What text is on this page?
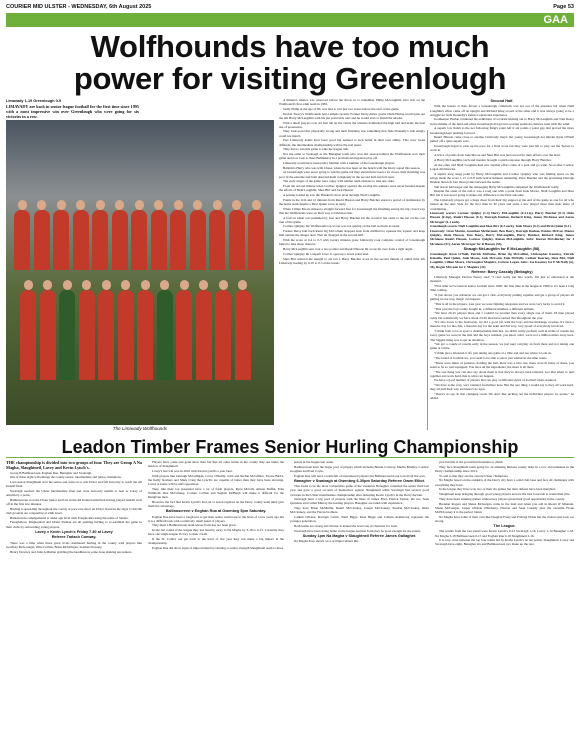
COURIER MID ULSTER - WEDNESDAY, 6th August 2025	Page 53
GAA
Wolfhounds have too much
power for visiting Greenlough

Limavady 1-19 Greenlough 0-9

LIMAVADY are back in senior league football for the first time since 1995 with a most impressive win over Greenlough who were going for six victories in a row.

The Limavady Wolfhounds

A minute's silence was observed before the throw in to remember Philip McLaughlin who was on the Wolfhound's first adult team in 1981.

Sadly Philip at the age of 80, was laid to rest just two hours before the start of the game.

Declan Treacy's Wolfhounds had a simple system. Former Derry minor goalie Oisin Harlan would pick out the tall Harry McLaughlin with his pin point kick outs and he would start or finish the attacks.

With a lineal players over six feet tall up the centre the winners dominated the high ball and made the best use of possession.

They look powerful, physically strong and their finishing was something that Jude Donnelly's side simply could not match.

Past Limavady teams have been good but seemed to lack belief in their own ability. This crew looks different, the intermediate championship will be the real tester.

They had to win this game to take the league title.

Not the same at Swatragh as the Banagher team who won last season behind the Wolfhounds won their game and now look to meet Ballinderry in a promotion/relegation play off.

Limavady would have been pretty familiar with a number of the Greenlough players.

Ballerin's Harry who was with Chase, where he has been on the bench with the Derry squad this season.

on Greenlough were never going to win the game but they should have been a lot closer, their finishing was poor in the extreme and both deserted them completely in the second half and fell apart.

The early stages of the game were cagey with neither team anxious to take any risks.

From the second minute when Cormac Quigley opened the scoring the winners were never headed despite the efforts of Niall Loughlin, Shea Birt and Jack Hasson.

A pointer loaded up saw the Plunkett's draw level through Niall Loughlin.

Points in the 11th and 12 minutes from Ruairi Hasson and Harry Butcher started a period of domination by the home team despite a Piral Quinn score in reply.

When Cillian Moore missed a straight forward free for Greenlough the finishing swung the big crowd way that the Wolfhounds were on their way to Division One.

A foul on Oisin was punished by free and Harry Butcher hit the crossbar but came to the net on the cost rule of the game.

Cormac Quigley the Wolfhounds top scorer was not getting on the ball as much as usual.

Former Derry half back Ruari Og McCollum dropped back from midfield to squeeze the 'square' and keep him outside the danger area. That all changed in the second half.

With the score at 0-4 to 0-5 with twenty minutes gone Limavady took complete control of Greenlough failed to take those chances.

Harry McLaughlin sent over a two pointer and Ruairi Hasson hit a tour tin over from a tight angle.

Cormac Quigley hit a superb score to open up a seven point lead.

Shea Birt reduced the margin to six but a Harry Butcher score in the second minute of added time left Limavady leading by 0-10 to 0-5 at the break.

Second Half.

With the breeze at their favour a Greenlough comeback was not out of the question but when Niall Loughlin's effort came off an upright and Richard King scored at the other end it was always going to be a struggle for Jude Donnelly's inferior squad and experience.

Goalkeeper Harlan continued his exhibition of accurate kicking out to Harry McLaughlin and Tom Deery in the middle of the field and when Greenlough did get into scoring positions chances went with the wind.

A superb low finish to the net following King's point left it six points a point gap that proved the more Greenlough kept pushing forward.

Ruairi Hasson came close to another Limavady major but young Greenlough net minder Ryan O'Neill pulled off a quite superb save.

Greenlough began to pick up the pace for a final score but they were just left to play out the 'heroes to work in.

A brace of points from Jude Moore and Shea Birt was just reward for their efforts over the hour.

A Harry McLaughlin catch and transfer brought a quick response through Harry Butcher.

At the other end Niall Loughlin then saw another effort come of a post and go wide. Soon after Cormac Logan did likewise.

A superb long range point by Harry McLaughlin and Cormac Quigley who was finding space on the wings made the score 1-15 to 0-8 with twelve minutes remaining. Peter Butcher and the promising Darragh Deehan then left four more points between the teams.

Sub Aaron McGregor and the rampaging Harry McLaughlin completed the Wolfhounds' really.

Despite the onset of the rain it was a long one with a point from Jude Moore, Niall Loughlin and Shea Birt but it was never going to make any difference to the final outcome.

The Limavady players got a huge cheer from their big support at the end of the game as one for all who turned up the Aws Vide for the first time in 30 years and quite a few played more than their share of contribution.

Limavady scorers Cormac Quigley (1-4) Harry McLaughlin (0-3,1tp), Harry Butcher (0-3) Oisin Hasson (0-2tp), Ruairi Hasson (0-1), Darragh Deehan, Richard King, James McAleese and Aaron McGregor (0-1 each).

Greenlough scorers Niall Loughlin and Shea Birt (0-3 each), Jude Moore (0-2) and Piral Quinn (0-1).

Limavady: Oran Martin, Jonathan McDermott, Ben Deery, Darragh Deehan, Patsius McIvor, Mance Quigley, Oisin Hasson, Tom Deery, Harry McLaughlin, Harry Butcher, Richard King, James McAleese Ruairi Hasson, Cormac Quigley, Ronan McLaughlin. Subs: Kieran McGlinchey for J McAleese (51), Aaron McGregor for R Hasson (55),

Shaugh McLaughlin for E McLaughlin (58).

Greenlough: Ryan O'Neill, Patrick McPeake, Brian Óg McCallion, Christopher Kearney, Patrick Kinsella, Paul Quinn, Jude Moore, Jack McCann, Eoin McNally, Cathair Kearney, Shea Birt, Niall Loughlin, Cillian Moore, Christopher Maguire, Cormac Logan. Subs: Joe Kearney for E McNally (n), 20), Rogue McCann for C Maguire (32)

Referee: Barry Cassidy (Bellaghy)

Limavady Manager Declan Treacy said: "I can't really put into words, I'm just so emotional at the moment.

"First time we've been in senior football since 1995, the first time in the league in 1989 so it's been a long time coming.

"It just shows you whatever we can get a club, everybody pulling together and get a group of players all pulling in one way, magic can happen.

"This is all in the players. Last year we were fighting relegation and we were very lucky to avoid it.

"This year the boys really bought in, a different mindset, a different attitude.

"We have 20-25 players there and I couldn't be prouder than every single one of them. 18 men played today but realistically we have about 23-26 men have earned that throughout the year.

"It's also down to the backroom, we did a good job with the boys and the midrange coaches. It's been a massive day for the club, a massive day for the team and I'm very, very proud of everybody involved.

"I think both to be at sport a championship matches, we didn't really perform well in terms of results but every game we were in the mix and the boys realised, you know what, we're not a million miles away here. The biggest thing was to get an attention.

"We got a couple of results early in the season, we just kept carrying on from there and not taking one game at a time.

"I think just a laboured it off, just taking one game at a time and and see where it took us.

"The brand of football we, you seem to be able to use it just whenever the time wants.

"These were times of patience, holding the ball, there was a nice one, there were in many of these, you seem to be so well equipped. You have all the ingredients; the more is all there.

"The one thing you can also say about them is that they've always been talented. Get that talent to pull together and work hard, that is what can happen.

We have a good number of players that can play at different styles of football when required.

"We have some very, very talented footballers here. But the one thing I would say is they all work hard, they all pull their way and there's no egos.

"There's no ego in that changing room. We don't like picking out the individual players for praise," he added.

Leadon Timber Frames Senior Hurling Championship

THE championship is divided into two groups of four. They are Group A Na Magha, Slaughtneil, Lavey and Kevin Lynch's.

Group B Ballinascreen, Eoghan Rua, Banagher and Swatragh.

Out of these eight will emerge the county senior, intermediate and junior champions.

Last season Slaughtneil won the senior and went on to win Ulster and fall narrowly to reach the All Ireland final.

Swatragh reached the Ulster intermediate final and were narrowly unable to beat to Carey of Antrim by a point.

Ballinascreen won the Ulster junior and lost in the All Ireland semi final having played Antrim rival off in the first few minutes.

Hurling is spreading throughout the county at pace rate since an Ulster brand in the Ogra Coltsville club grounds are conquering at adult level.

Ballerin have amalgamated at under age level with Eoughs Rua using the name of Setana.

Fenaghmore, Magherafelt and Drum Tremau are all pushing hurling to re-establish the game in their clubs by onboarding young players.

Lavey v Kevin Lynch's Friday 7.30 at Lavey

Referee Tarlach Conway.

There was a time when these great rivals dominated hurling in the county with players like Geoffrey McGonagle, Ollie Collins, Brian McGilligan, Seamus Downey.

Henry Downey and John A Mullan grabbing the headlines in some bone shaking encounters.

Players have come and gone since then but like all other teams in the county they are under the shadow of Slaughtneil.

Lavey's last win was in 2010 with Kevin Lynch's a year later.

With players like Darragh McGilligan, Corey O'Reilly, John and Richie McGillion, Tirone Bird's, the Kelly brothers and Mark Craig the Lynch's are capable of better than they have been showing. Lavey at home will be stiff opposition.

They, like their top presented have a lot of fresh players. Ryan McGill, Aimon Duffin, Eoin Wildhold, Rua McGrimey, Cormac Collins and Seghan McHugh will make it difficult for the Dungiven men.

However the fact that Kevin Lynch's had six or seven regulars on the Derry county team must give them the advantage.

Ballinascreen v Eoghan Rua at Owenbeg 5pm Saturday.

Eoghan Rua have been a tough test to get their senior team back to the level of a few years ago but it is a difficult task with a relatively small panel of players.

They meet a Ballinascreen team whose form has not been great.

In the last round of the league they lost heavily away to Na Magha by 3-18 to 0-15. Currently they have one single league victory to their credit.

If the St. Colm's can get back to the level of last year they can make a big impact in the championship.

Eoghan Rua did show signs of improvement by running so under strength Slaughtneil team to three

points in the league last week.

Ballinascreen have the larger pool of players which includes Bernie Convery, Martin Bradley, Cormac Geoghan and Paul Coyle.

Eoghan Rua will have a team full of experienced players but Ballinascreen look to hold all the aces.

Banagher v Swatragh at Owenbeg 6-30pm Saturday Referee Owen Elliot.

This looks to be the most competitive game of the weekend. Banagher contested the senior final last year and gave a good account of themselves against Slaughtneil while Swatragh had several good victories in the Ulster intermediate championship after defeating Kevin Lynch's in the Derry decider.

Swatragh have a big pool of players with the likes of James Friel, Patrick Turner, the two Sean Quinlans and Cathal Murray the leading players. Banagher are laden with experience.

They have Brian McMullin, Ruairi McCloskey, Joseph McCloskey, Steafan McCloskey, Oisin McCloskey, and the Farren brothers.

Callum O'Kane, Darragh Cartin, Niall Biggs, Kian Biggs and Callum Armstrong represent the younger generation.

Both teams are strong and diverse is indeed the level one of character for both.

Swatragh have been doing better in the league and that form may be good enough for the points.

Sunday 1pm Na Magha v Slaughtneil Referee James Gallagher.

Na Magha have shown a lot of improvement this

year but this is the proverbial mountain to climb.

They face Slaughtneil team going for an amazing thirteen county titles in a row and unbeaten in the Derry championship since 2013.

To add to that they are the current Ulster champions.

Na Magha based on the outskirts of the Derry city have a solid club base and face all challenges with everything they have.

In the league they have won two of their six games but their defeats have been marginal.

Slaughtneil keep bringing through good young players and are the best forwards to retain their title.

They have been winning games without key players given their good opportunity in the county.

Brendan Rogers and Shane McGuigan come in the land and when you add in Ruairi O' Mianain, Shane McGuigan, Jasper O'Dede O'Doherty, Hasson and Sean Cassidy plus the versatile Fionn McEldowney it is the perfect blend.

Na Magha have some of their own like Deaglan Foley and Padraig Nolan but the visitors just look too strong.

The League.

The results from the last round were Kevin Lynch's 0-23 Swatragh 1-16, Lavey 1-14 Banagher 1-18, Na Magha 3-18 Ballinascreen 0-15 and Eoghan Rua 0-19 Slaughtneil 2-16.

It is very close between the top four teams led by Kevin Lynch's on ten points, Slaughtneil, Lavey and Swatragh have eight, Banagher six and Ballinascreen two make up the rest.
